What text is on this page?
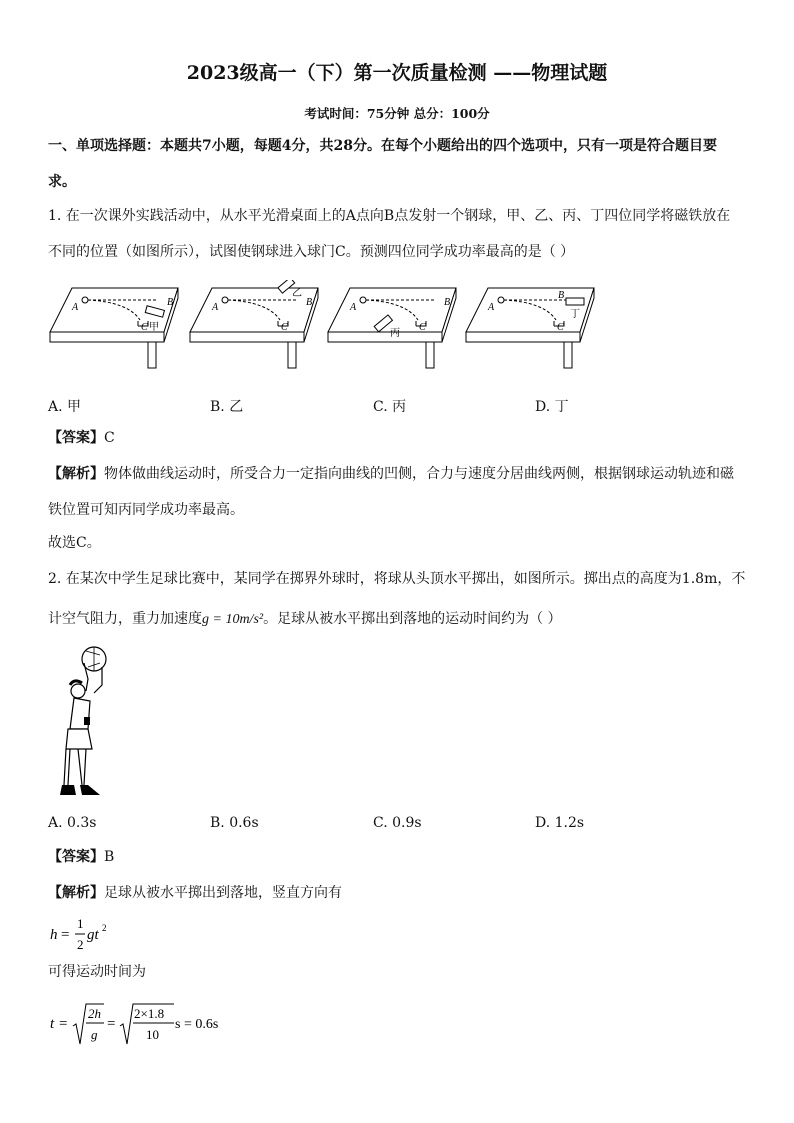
2023级高一（下）第一次质量检测 ——物理试题
考试时间：75分钟 总分：100分
一、单项选择题：本题共7小题，每题4分，共28分。在每个小题给出的四个选项中，只有一项是符合题目要
求。
1. 在一次课外实践活动中，从水平光滑桌面上的A点向B点发射一个钢球，甲、乙、丙、丁四位同学将磁铁放在
不同的位置（如图所示），试图使钢球进入球门C。预测四位同学成功率最高的是（ ）
A	B
C 甲
A	B
C
乙
A	B
C
丙
A
B
C
丁
A. 甲	B. 乙	C. 丙	D. 丁
【答案】C
【解析】物体做曲线运动时，所受合力一定指向曲线的凹侧，合力与速度分居曲线两侧，根据钢球运动轨迹和磁
铁位置可知丙同学成功率最高。
故选C。
2. 在某次中学生足球比赛中，某同学在掷界外球时，将球从头顶水平掷出，如图所示。掷出点的高度为1.8m，不
计空气阻力，重力加速度g = 10m/s²。足球从被水平掷出到落地的运动时间约为（ ）
A. 0.3s	B. 0.6s	C. 0.9s	D. 1.2s
【答案】B
【解析】足球从被水平掷出到落地，竖直方向有
h =
1
2
gt 2
可得运动时间为
t =
2h
g
=
2×1.8
10
s = 0.6s
